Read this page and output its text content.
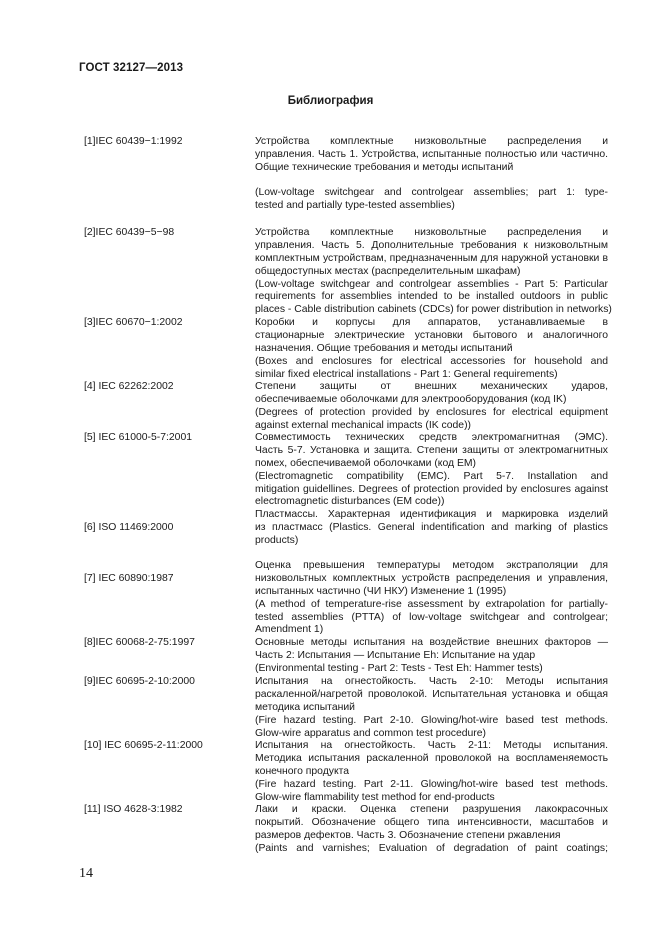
ГОСТ 32127—2013
Библиография
[1]IEC 60439−1:1992	Устройства комплектные низковольтные распределения и
управления. Часть 1. Устройства, испытанные полностью или частично.
Общие технические требования и методы испытаний
(Low-voltage switchgear and controlgear assemblies; part 1: type-
tested and partially type-tested assemblies)
[2]IEC 60439−5−98	Устройства комплектные низковольтные распределения и
управления. Часть 5. Дополнительные требования к низковольтным
комплектным устройствам, предназначенным для наружной установки в
общедоступных местах (распределительным шкафам)
(Low-voltage switchgear and controlgear assemblies - Part 5: Particular
requirements for assemblies intended to be installed outdoors in public
places - Cable distribution cabinets (CDCs) for power distribution in networks)
[3]IEC 60670−1:2002	Коробки и корпусы для аппаратов, устанавливаемые в
стационарные электрические установки бытового и аналогичного
назначения. Общие требования и методы испытаний
(Boxes and enclosures for electrical accessories for household and
similar fixed electrical installations - Part 1: General requirements)
[4] IEC 62262:2002	Степени защиты от внешних механических ударов,
обеспечиваемые оболочками для электрооборудования (код IK)
(Degrees of protection provided by enclosures for electrical equipment
against external mechanical impacts (IK code))
[5] IEC 61000-5-7:2001	Совместимость технических средств электромагнитная (ЭМС).
Часть 5-7. Установка и защита. Степени защиты от электромагнитных
помех, обеспечиваемой оболочками (код ЕМ)
(Electromagnetic compatibility (EMC). Part 5-7. Installation and
mitigation guidellines. Degrees of protection provided by enclosures against
electromagnetic disturbances (EM code))
[6] ISO 11469:2000
Пластмассы. Характерная идентификация и маркировка изделий
из пластмасс (Plastics. General indentification and marking of plastics
products)
[7] IEC 60890:1987
Оценка превышения температуры методом экстраполяции для
низковольтных комплектных устройств распределения и управления,
испытанных частично (ЧИ НКУ) Изменение 1 (1995)
(A method of temperature-rise assessment by extrapolation for partially-
tested assemblies (PTTA) of low-voltage switchgear and controlgear;
Amendment 1)
[8]IEC 60068-2-75:1997	Основные методы испытания на воздействие внешних факторов —
Часть 2: Испытания — Испытание Eh: Испытание на удар
(Environmental testing - Part 2: Tests - Test Eh: Hammer tests)
[9]IEC 60695-2-10:2000	Испытания на огнестойкость. Часть 2-10: Методы испытания
раскаленной/нагретой проволокой. Испытательная установка и общая
методика испытаний
(Fire hazard testing. Part 2-10. Glowing/hot-wire based test methods.
Glow-wire apparatus and common test procedure)
[10] IEC 60695-2-11:2000	Испытания на огнестойкость. Часть 2-11: Методы испытания.
Методика испытания раскаленной проволокой на воспламеняемость
конечного продукта
(Fire hazard testing. Part 2-11. Glowing/hot-wire based test methods.
Glow-wire flammability test method for end-products
[11] ISO 4628-3:1982	Лаки и краски. Оценка степени разрушения лакокрасочных
покрытий. Обозначение общего типа интенсивности, масштабов и
размеров дефектов. Часть 3. Обозначение степени ржавления
(Paints and varnishes; Evaluation of degradation of paint coatings;
14
